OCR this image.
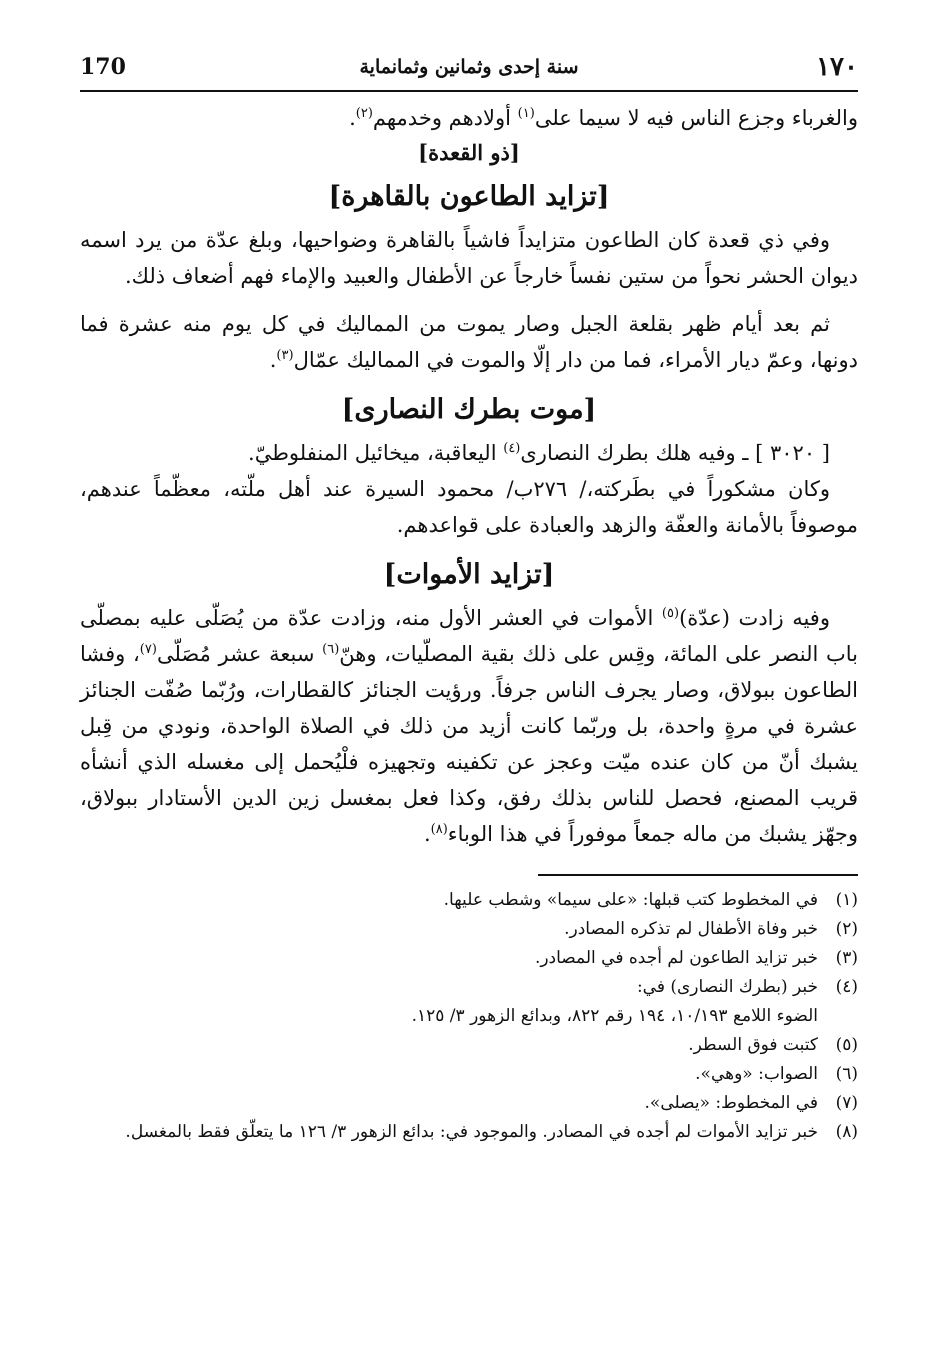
١٧٠
سنة إحدى وثمانين وثمانماية
170

والغرباء وجزع الناس فيه لا سيما على$^{(١)}$ أولادهم وخدمهم$^{(٢)}$.

[ذو القعدة]
[تزايد الطاعون بالقاهرة]

وفي ذي قعدة كان الطاعون متزايداً فاشياً بالقاهرة وضواحيها، وبلغ عدّة من يرد اسمه ديوان الحشر نحواً من ستين نفساً خارجاً عن الأطفال والعبيد والإماء فهم أضعاف ذلك.

ثم بعد أيام ظهر بقلعة الجبل وصار يموت من المماليك في كل يوم منه عشرة فما دونها، وعمّ ديار الأمراء، فما من دار إلّا والموت في المماليك عمّال$^{(٣)}$.

[موت بطرك النصارى]

[ ٣٠٢٠ ] ـ وفيه هلك بطرك النصارى$^{(٤)}$ اليعاقبة، ميخائيل المنفلوطيّ.

وكان مشكوراً في بطَركته،/ ٢٧٦ب/ محمود السيرة عند أهل ملّته، معظّماً عندهم، موصوفاً بالأمانة والعفّة والزهد والعبادة على قواعدهم.

[تزايد الأموات]

وفيه زادت (عدّة)$^{(٥)}$ الأموات في العشر الأول منه، وزادت عدّة من يُصَلّى عليه بمصلّى باب النصر على المائة، وقِس على ذلك بقية المصلّيات، وهنّ$^{(٦)}$ سبعة عشر مُصَلّى$^{(٧)}$، وفشا الطاعون ببولاق، وصار يجرف الناس جرفاً. ورؤيت الجنائز كالقطارات، ورُبّما صُفّت الجنائز عشرة في مرةٍ واحدة، بل وربّما كانت أزيد من ذلك في الصلاة الواحدة، ونودي من قِبل يشبك أنّ من كان عنده ميّت وعجز عن تكفينه وتجهيزه فلْيُحمل إلى مغسله الذي أنشأه قريب المصنع، فحصل للناس بذلك رفق، وكذا فعل بمغسل زين الدين الأستادار ببولاق، وجهّز يشبك من ماله جمعاً موفوراً في هذا الوباء$^{(٨)}$.

(١)
في المخطوط كتب قبلها: «على سيما» وشطب عليها.
(٢)
خبر وفاة الأطفال لم تذكره المصادر.
(٣)
خبر تزايد الطاعون لم أجده في المصادر.
(٤)
خبر (بطرك النصارى) في:
الضوء اللامع ١٠/١٩٣، ١٩٤ رقم ٨٢٢، وبدائع الزهور ٣/ ١٢٥.
(٥)
كتبت فوق السطر.
(٦)
الصواب: «وهي».
(٧)
في المخطوط: «يصلى».
(٨)
خبر تزايد الأموات لم أجده في المصادر. والموجود في: بدائع الزهور ٣/ ١٢٦ ما يتعلّق فقط بالمغسل.
